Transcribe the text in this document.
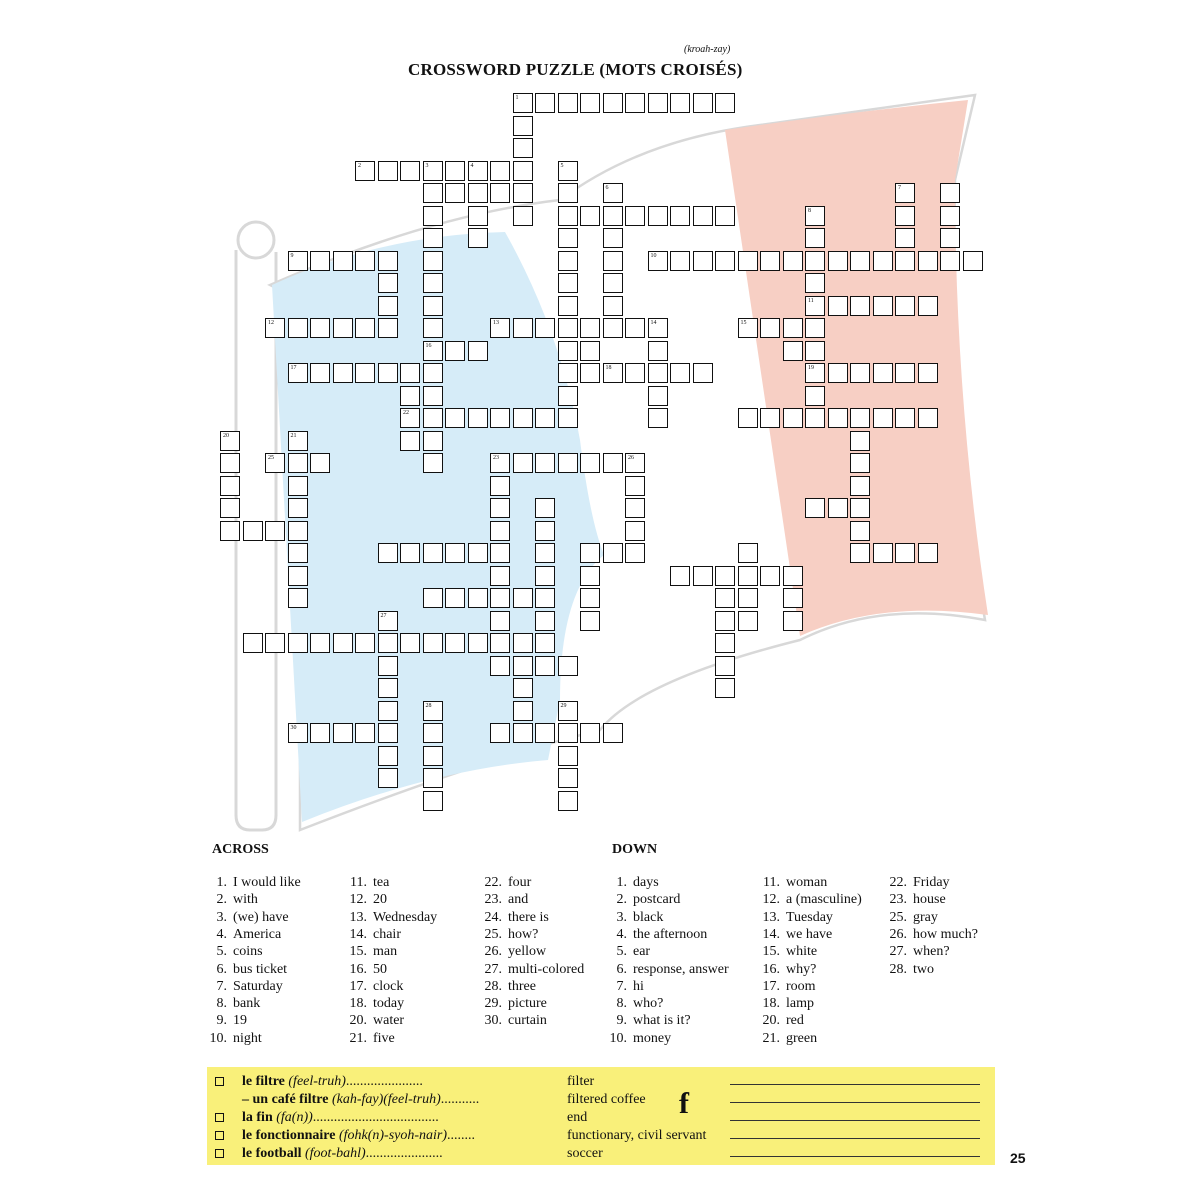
(kroah-zay)
CROSSWORD PUZZLE (MOTS CROISÉS)
1
2	3	4
9	10
11
12	13	14	15
16
17	18	19
22
25	23	26
30
5
6
8
7
20	21
27
28	29
ACROSS	DOWN
1. I would like
2. with
3. (we) have
4. America
5. coins
6. bus ticket
7. Saturday
8. bank
9. 19
10. night
11. tea
12. 20
13. Wednesday
14. chair
15. man
16. 50
17. clock
18. today
20. water
21. five
22. four
23. and
24. there is
25. how?
26. yellow
27. multi-colored
28. three
29. picture
30. curtain
1. days
2. postcard
3. black
4. the afternoon
5. ear
6. response, answer
7. hi
8. who?
9. what is it?
10. money
11. woman
12. a (masculine)
13. Tuesday
14. we have
15. white
16. why?
17. room
18. lamp
20. red
21. green
22. Friday
23. house
25. gray
26. how much?
27. when?
28. two
f
le filtre (feel-truh)......................	filter
– un café filtre (kah-fay)(feel-truh)...........	filtered coffee
la fin (fa(n))....................................	end
le fonctionnaire (fohk(n)-syoh-nair)........	functionary, civil servant
le football (foot-bahl)......................	soccer	25
